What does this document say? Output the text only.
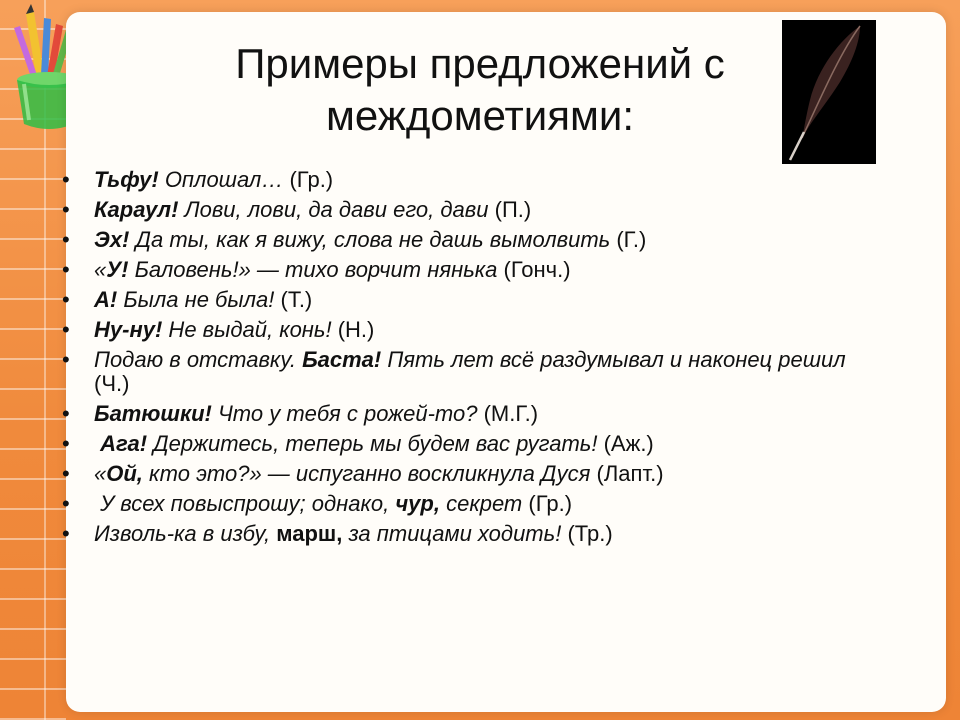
Примеры предложений с междометиями:
• Тьфу! Оплошал… (Гр.)
• Караул! Лови, лови, да дави его, дави (П.)
• Эх! Да ты, как я вижу, слова не дашь вымолвить (Г.)
• «У! Баловень!» — тихо ворчит нянька (Гонч.)
• А! Была не была! (Т.)
• Ну-ну! Не выдай, конь! (Н.)
• Подаю в отставку. Баста! Пять лет всё раздумывал и наконец решил (Ч.)
• Батюшки! Что у тебя с рожей-то? (М.Г.)
• Ага! Держитесь, теперь мы будем вас ругать! (Аж.)
• «Ой, кто это?» — испуганно воскликнула Дуся (Лапт.)
•  У всех повыспрошу; однако, чур, секрет (Гр.)
• Изволь-ка в избу, марш, за птицами ходить! (Тр.)
